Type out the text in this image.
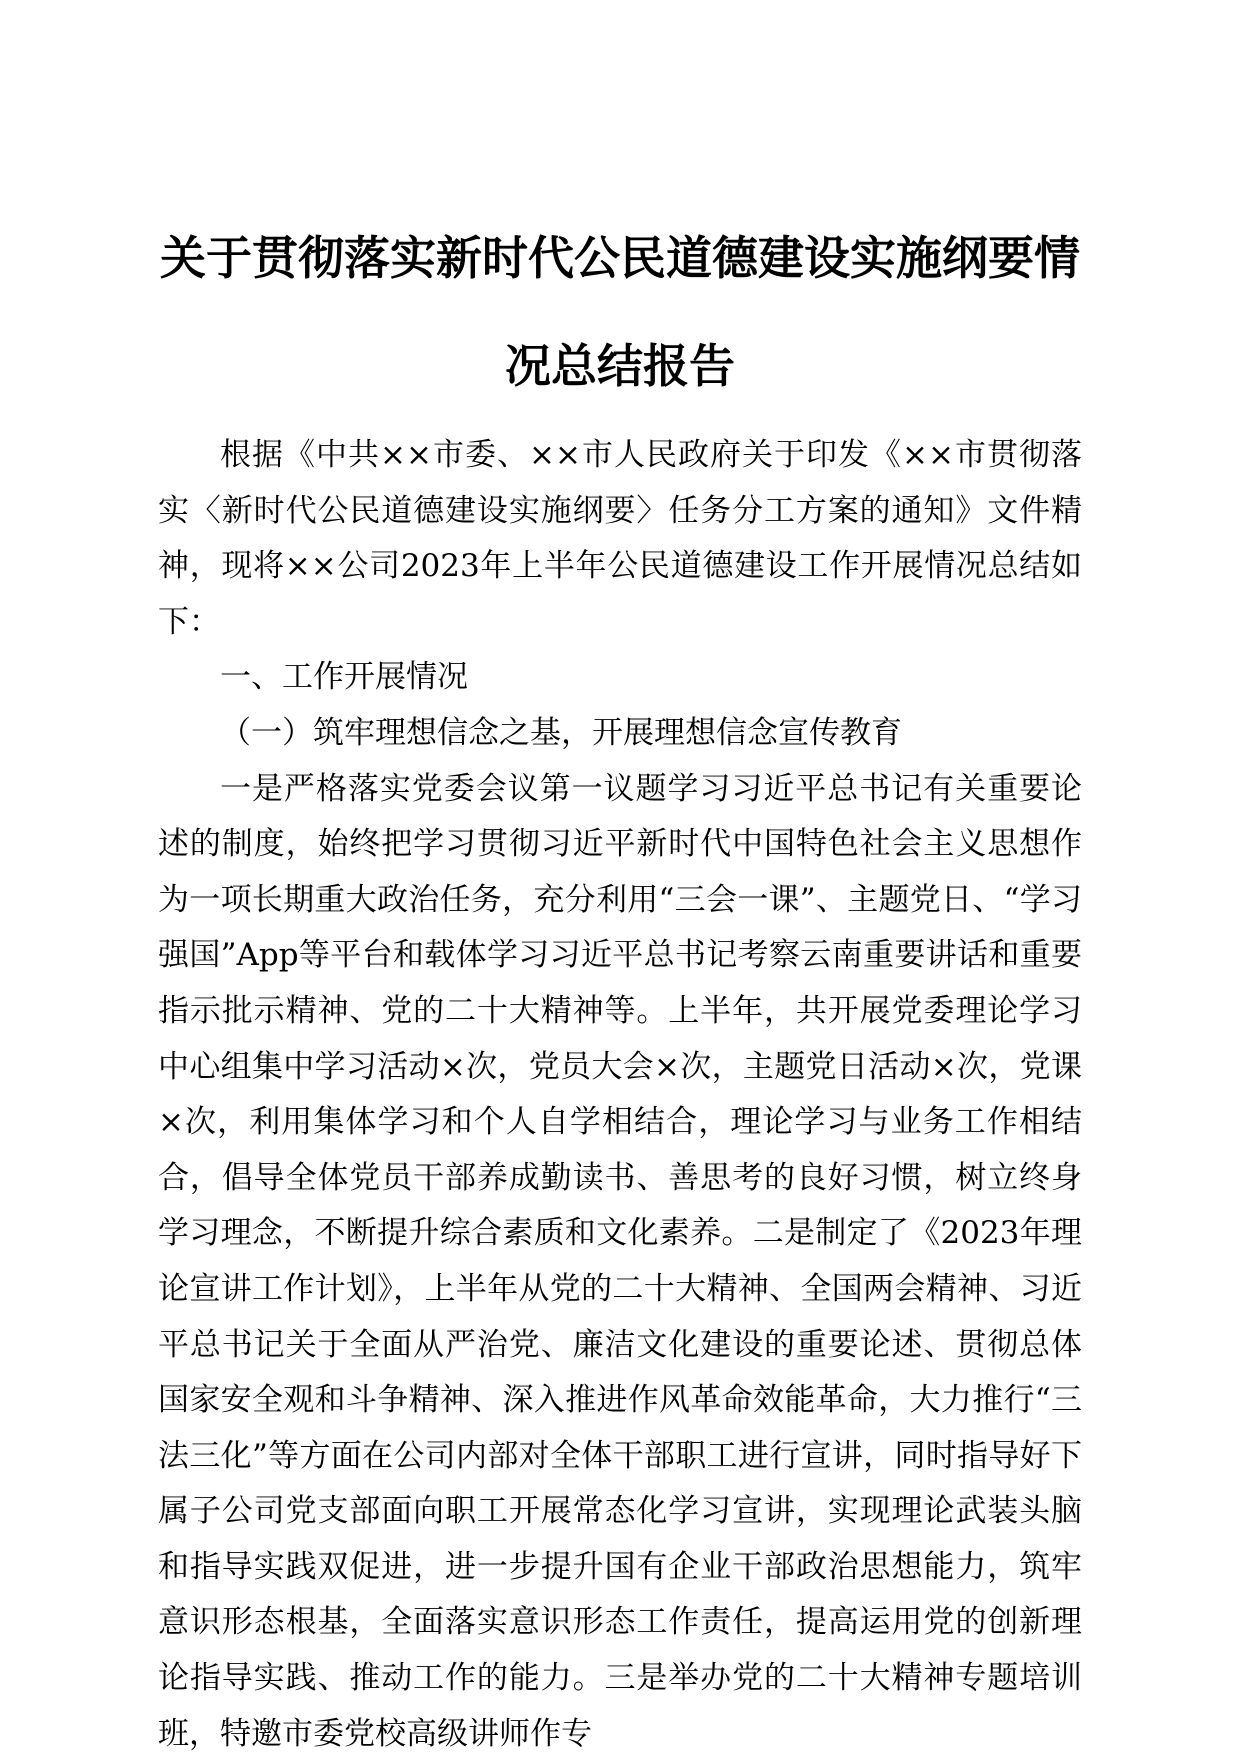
关于贯彻落实新时代公民道德建设实施纲要情
况总结报告

根据《中共××市委、××市人民政府关于印发《××市贯彻落实〈新时代公民道德建设实施纲要〉任务分工方案的通知》文件精神，现将××公司2023年上半年公民道德建设工作开展情况总结如下：

一、工作开展情况

（一）筑牢理想信念之基，开展理想信念宣传教育

一是严格落实党委会议第一议题学习习近平总书记有关重要论述的制度，始终把学习贯彻习近平新时代中国特色社会主义思想作为一项长期重大政治任务，充分利用“三会一课”、主题党日、“学习强国”App等平台和载体学习习近平总书记考察云南重要讲话和重要指示批示精神、党的二十大精神等。上半年，共开展党委理论学习中心组集中学习活动×次，党员大会×次，主题党日活动×次，党课×次，利用集体学习和个人自学相结合，理论学习与业务工作相结合，倡导全体党员干部养成勤读书、善思考的良好习惯，树立终身学习理念，不断提升综合素质和文化素养。二是制定了《2023年理论宣讲工作计划》，上半年从党的二十大精神、全国两会精神、习近平总书记关于全面从严治党、廉洁文化建设的重要论述、贯彻总体国家安全观和斗争精神、深入推进作风革命效能革命，大力推行“三法三化”等方面在公司内部对全体干部职工进行宣讲，同时指导好下属子公司党支部面向职工开展常态化学习宣讲，实现理论武装头脑和指导实践双促进，进一步提升国有企业干部政治思想能力，筑牢意识形态根基，全面落实意识形态工作责任，提高运用党的创新理论指导实践、推动工作的能力。三是举办党的二十大精神专题培训班，特邀市委党校高级讲师作专
